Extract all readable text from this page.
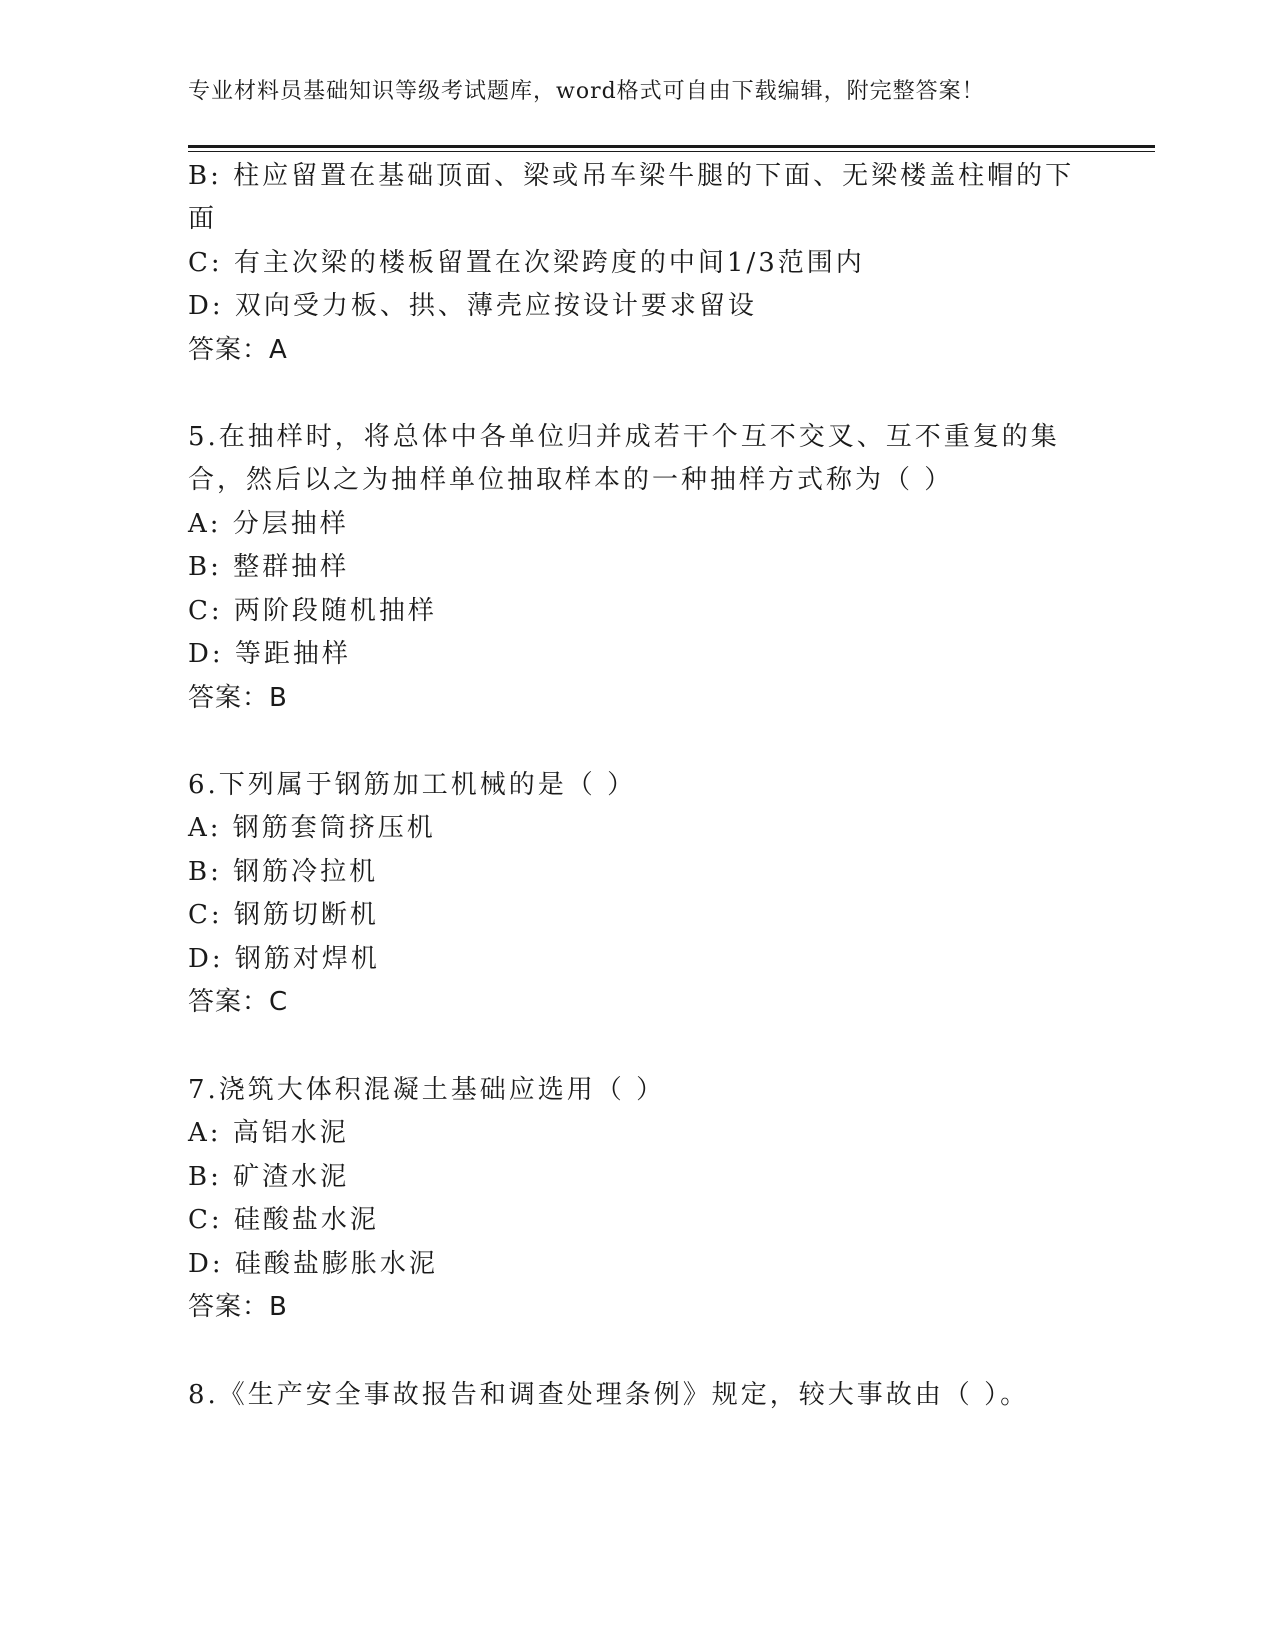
专业材料员基础知识等级考试题库，word格式可自由下载编辑，附完整答案！
B: 柱应留置在基础顶面、梁或吊车梁牛腿的下面、无梁楼盖柱帽的下
面
C: 有主次梁的楼板留置在次梁跨度的中间1/3范围内
D: 双向受力板、拱、薄壳应按设计要求留设
答案：A
5.在抽样时，将总体中各单位归并成若干个互不交叉、互不重复的集
合，然后以之为抽样单位抽取样本的一种抽样方式称为（ ）
A: 分层抽样
B: 整群抽样
C: 两阶段随机抽样
D: 等距抽样
答案：B
6.下列属于钢筋加工机械的是（ ）
A: 钢筋套筒挤压机
B: 钢筋冷拉机
C: 钢筋切断机
D: 钢筋对焊机
答案：C
7.浇筑大体积混凝土基础应选用（ ）
A: 高铝水泥
B: 矿渣水泥
C: 硅酸盐水泥
D: 硅酸盐膨胀水泥
答案：B
8.《生产安全事故报告和调查处理条例》规定，较大事故由（ ）。
